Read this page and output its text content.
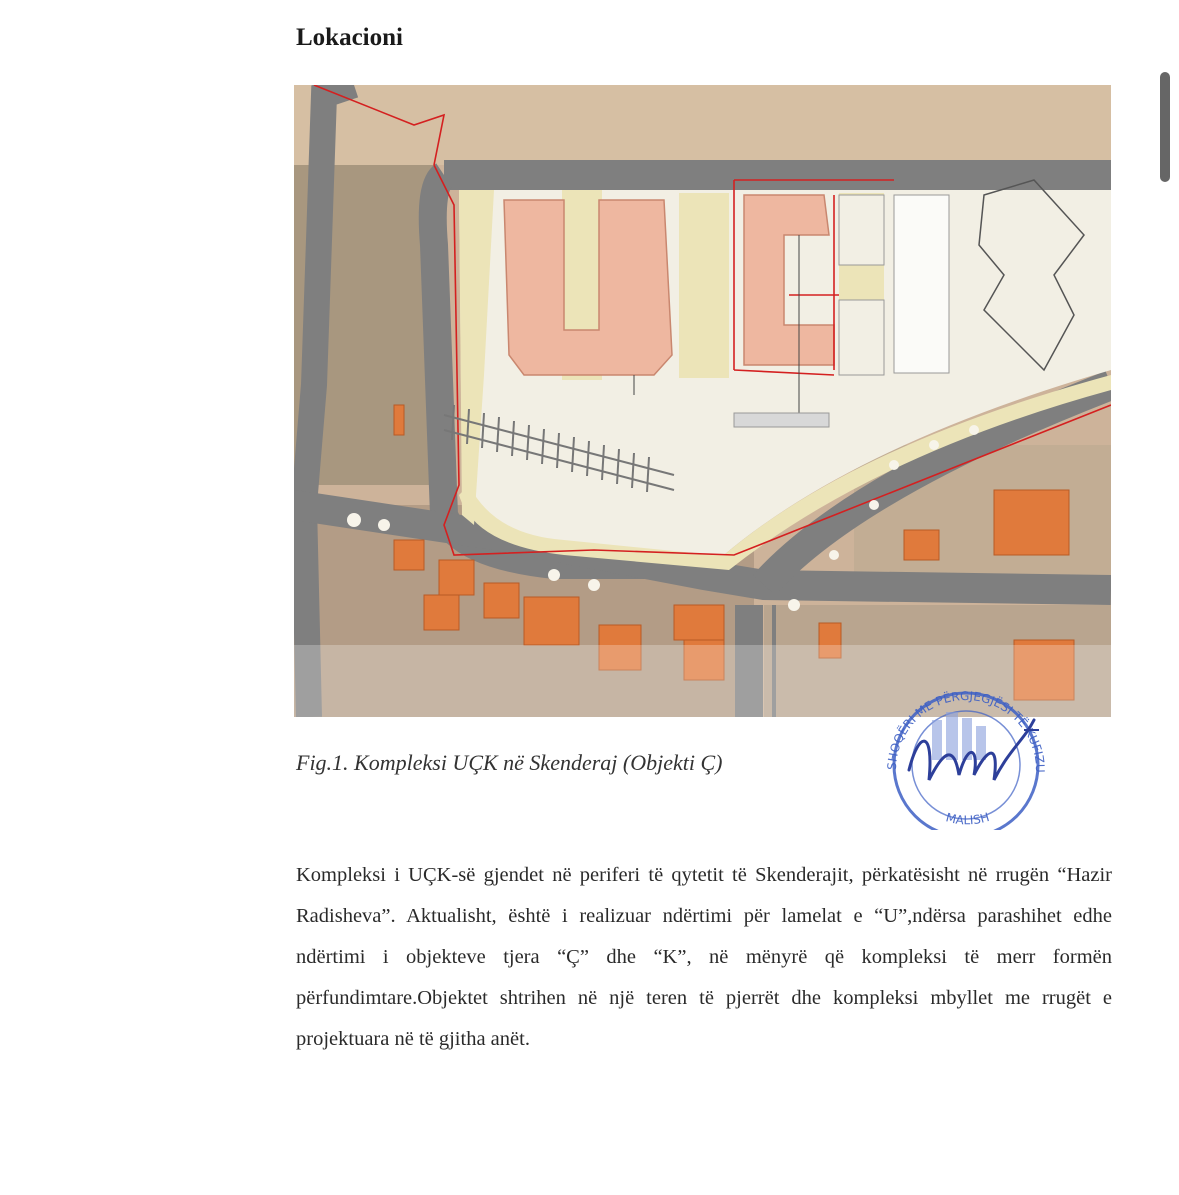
Lokacioni
Fig.1. Kompleksi UÇK në Skenderaj (Objekti Ç)	SHOQËRI ME PËRGJEGJËSI TË KUFIZU
MALISH
Kompleksi i UÇK-së gjendet në periferi të qytetit të Skenderajit, përkatësisht në rrugën “Hazir Radisheva”. Aktualisht, është i realizuar ndërtimi për lamelat e “U”,ndërsa parashihet edhe ndërtimi i objekteve tjera “Ç” dhe “K”, në mënyrë që kompleksi të merr formën përfundimtare.Objektet shtrihen në një teren të pjerrët dhe kompleksi mbyllet me rrugët e projektuara në të gjitha anët.
